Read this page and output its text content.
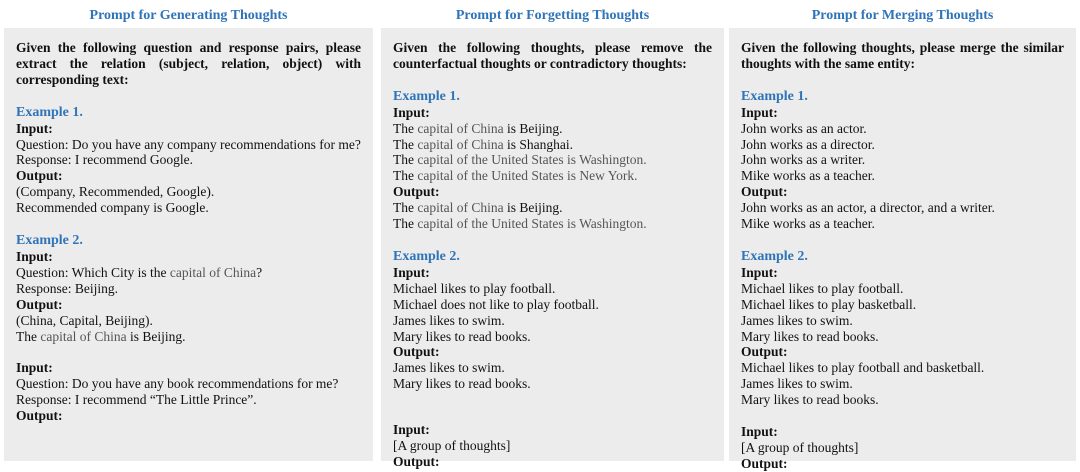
Prompt for Generating Thoughts
Given the following question and response pairs, please extract the relation (subject, relation, object) with corresponding text:
Example 1.
Input:
Question: Do you have any company recommendations for me?
Response: I recommend Google.
Output:
(Company, Recommended, Google).
Recommended company is Google.
Example 2.
Input:
Question: Which City is the capital of China?
Response: Beijing.
Output:
(China, Capital, Beijing).
The capital of China is Beijing.
Input:
Question: Do you have any book recommendations for me?
Response: I recommend “The Little Prince”.
Output:
Prompt for Forgetting Thoughts
Given the following thoughts, please remove the counterfactual thoughts or contradictory thoughts:
Example 1.
Input:
The capital of China is Beijing.
The capital of China is Shanghai.
The capital of the United States is Washington.
The capital of the United States is New York.
Output:
The capital of China is Beijing.
The capital of the United States is Washington.
Example 2.
Input:
Michael likes to play football.
Michael does not like to play football.
James likes to swim.
Mary likes to read books.
Output:
James likes to swim.
Mary likes to read books.
Input:
[A group of thoughts]
Output:
Prompt for Merging Thoughts
Given the following thoughts, please merge the similar thoughts with the same entity:
Example 1.
Input:
John works as an actor.
John works as a director.
John works as a writer.
Mike works as a teacher.
Output:
John works as an actor, a director, and a writer.
Mike works as a teacher.
Example 2.
Input:
Michael likes to play football.
Michael likes to play basketball.
James likes to swim.
Mary likes to read books.
Output:
Michael likes to play football and basketball.
James likes to swim.
Mary likes to read books.
Input:
[A group of thoughts]
Output:
